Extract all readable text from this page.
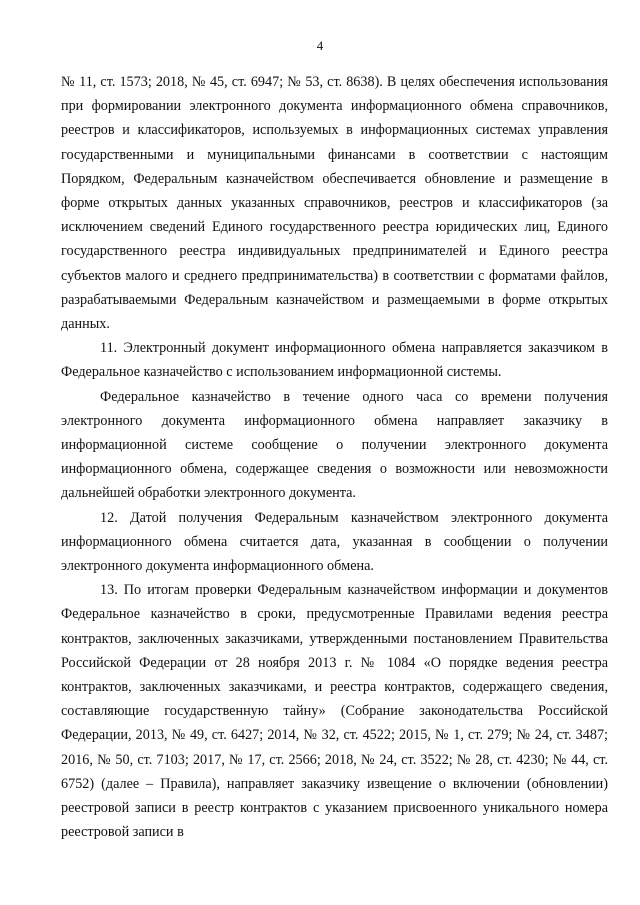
4

№ 11, ст. 1573; 2018, № 45, ст. 6947; № 53, ст. 8638). В целях обеспечения использования при формировании электронного документа информационного обмена справочников, реестров и классификаторов, используемых в информационных системах управления государственными и муниципальными финансами в соответствии с настоящим Порядком, Федеральным казначейством обеспечивается обновление и размещение в форме открытых данных указанных справочников, реестров и классификаторов (за исключением сведений Единого государственного реестра юридических лиц, Единого государственного реестра индивидуальных предпринимателей и Единого реестра субъектов малого и среднего предпринимательства) в соответствии с форматами файлов, разрабатываемыми Федеральным казначейством и размещаемыми в форме открытых данных.

11. Электронный документ информационного обмена направляется заказчиком в Федеральное казначейство с использованием информационной системы.

Федеральное казначейство в течение одного часа со времени получения электронного документа информационного обмена направляет заказчику в информационной системе сообщение о получении электронного документа информационного обмена, содержащее сведения о возможности или невозможности дальнейшей обработки электронного документа.

12. Датой получения Федеральным казначейством электронного документа информационного обмена считается дата, указанная в сообщении о получении электронного документа информационного обмена.

13. По итогам проверки Федеральным казначейством информации и документов Федеральное казначейство в сроки, предусмотренные Правилами ведения реестра контрактов, заключенных заказчиками, утвержденными постановлением Правительства Российской Федерации от 28 ноября 2013 г. № 1084 «О порядке ведения реестра контрактов, заключенных заказчиками, и реестра контрактов, содержащего сведения, составляющие государственную тайну» (Собрание законодательства Российской Федерации, 2013, № 49, ст. 6427; 2014, № 32, ст. 4522; 2015, № 1, ст. 279; № 24, ст. 3487; 2016, № 50, ст. 7103; 2017, № 17, ст. 2566; 2018, № 24, ст. 3522; № 28, ст. 4230; № 44, ст. 6752) (далее – Правила), направляет заказчику извещение о включении (обновлении) реестровой записи в реестр контрактов с указанием присвоенного уникального номера реестровой записи в
